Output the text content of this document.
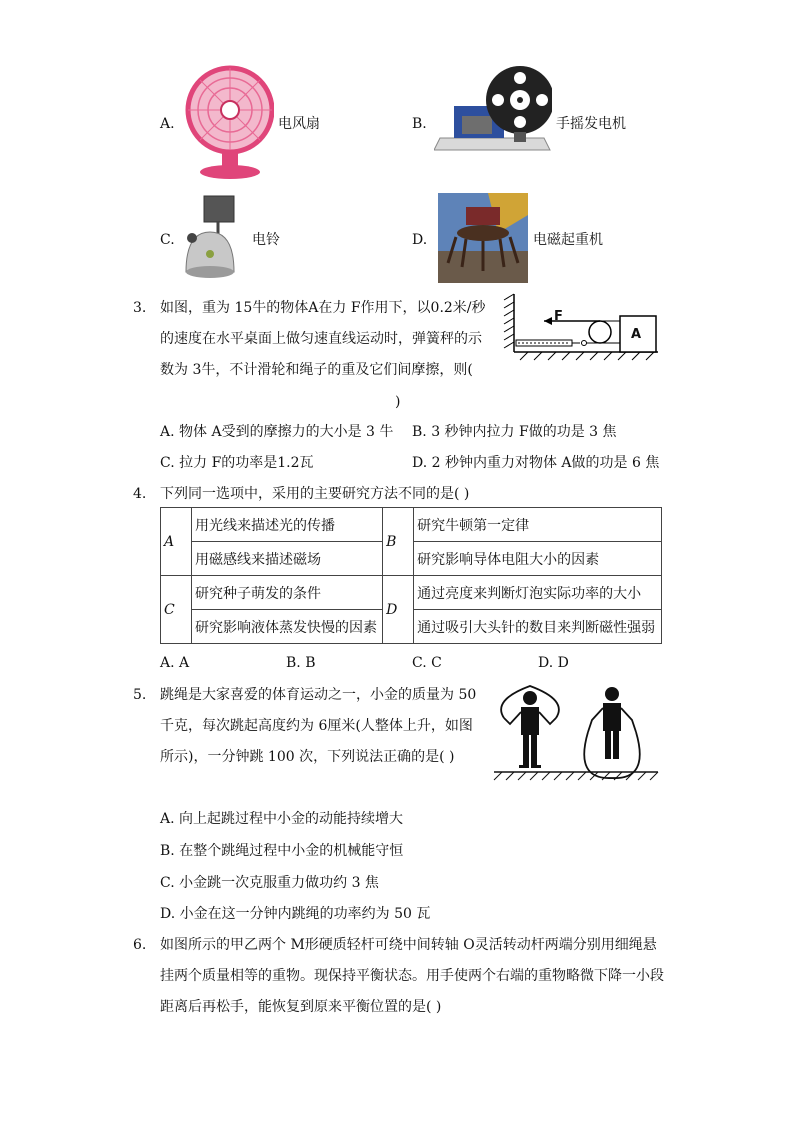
A.	电风扇	B.	手摇发电机
C.	电铃	D.	电磁起重机
3. 如图，重为 15牛的物体A在力 F作用下，以0.2米/秒
的速度在水平桌面上做匀速直线运动时，弹簧秤的示
数为 3牛，不计滑轮和绳子的重及它们间摩擦，则(
)
F
A
A. 物体 A受到的摩擦力的大小是 3 牛 B. 3 秒钟内拉力 F做的功是 3 焦
C. 拉力 F的功率是1.2瓦	D. 2 秒钟内重力对物体 A做的功是 6 焦
4. 下列同一选项中，采用的主要研究方法不同的是( )
A	用光线来描述光的传播	B	研究牛顿第一定律
	用磁感线来描述磁场		研究影响导体电阻大小的因素
C	研究种子萌发的条件	D	通过亮度来判断灯泡实际功率的大小
	研究影响液体蒸发快慢的因素		通过吸引大头针的数目来判断磁性强弱
A. A	B. B	C. C	D. D
5. 跳绳是大家喜爱的体育运动之一，小金的质量为 50
千克，每次跳起高度约为 6厘米(人整体上升，如图
所示)，一分钟跳 100 次，下列说法正确的是( )
A. 向上起跳过程中小金的动能持续增大
B. 在整个跳绳过程中小金的机械能守恒
C. 小金跳一次克服重力做功约 3 焦
D. 小金在这一分钟内跳绳的功率约为 50 瓦
6. 如图所示的甲乙两个 M形硬质轻杆可绕中间转轴 O灵活转动杆两端分别用细绳悬
挂两个质量相等的重物。现保持平衡状态。用手使两个右端的重物略微下降一小段
距离后再松手，能恢复到原来平衡位置的是( )
